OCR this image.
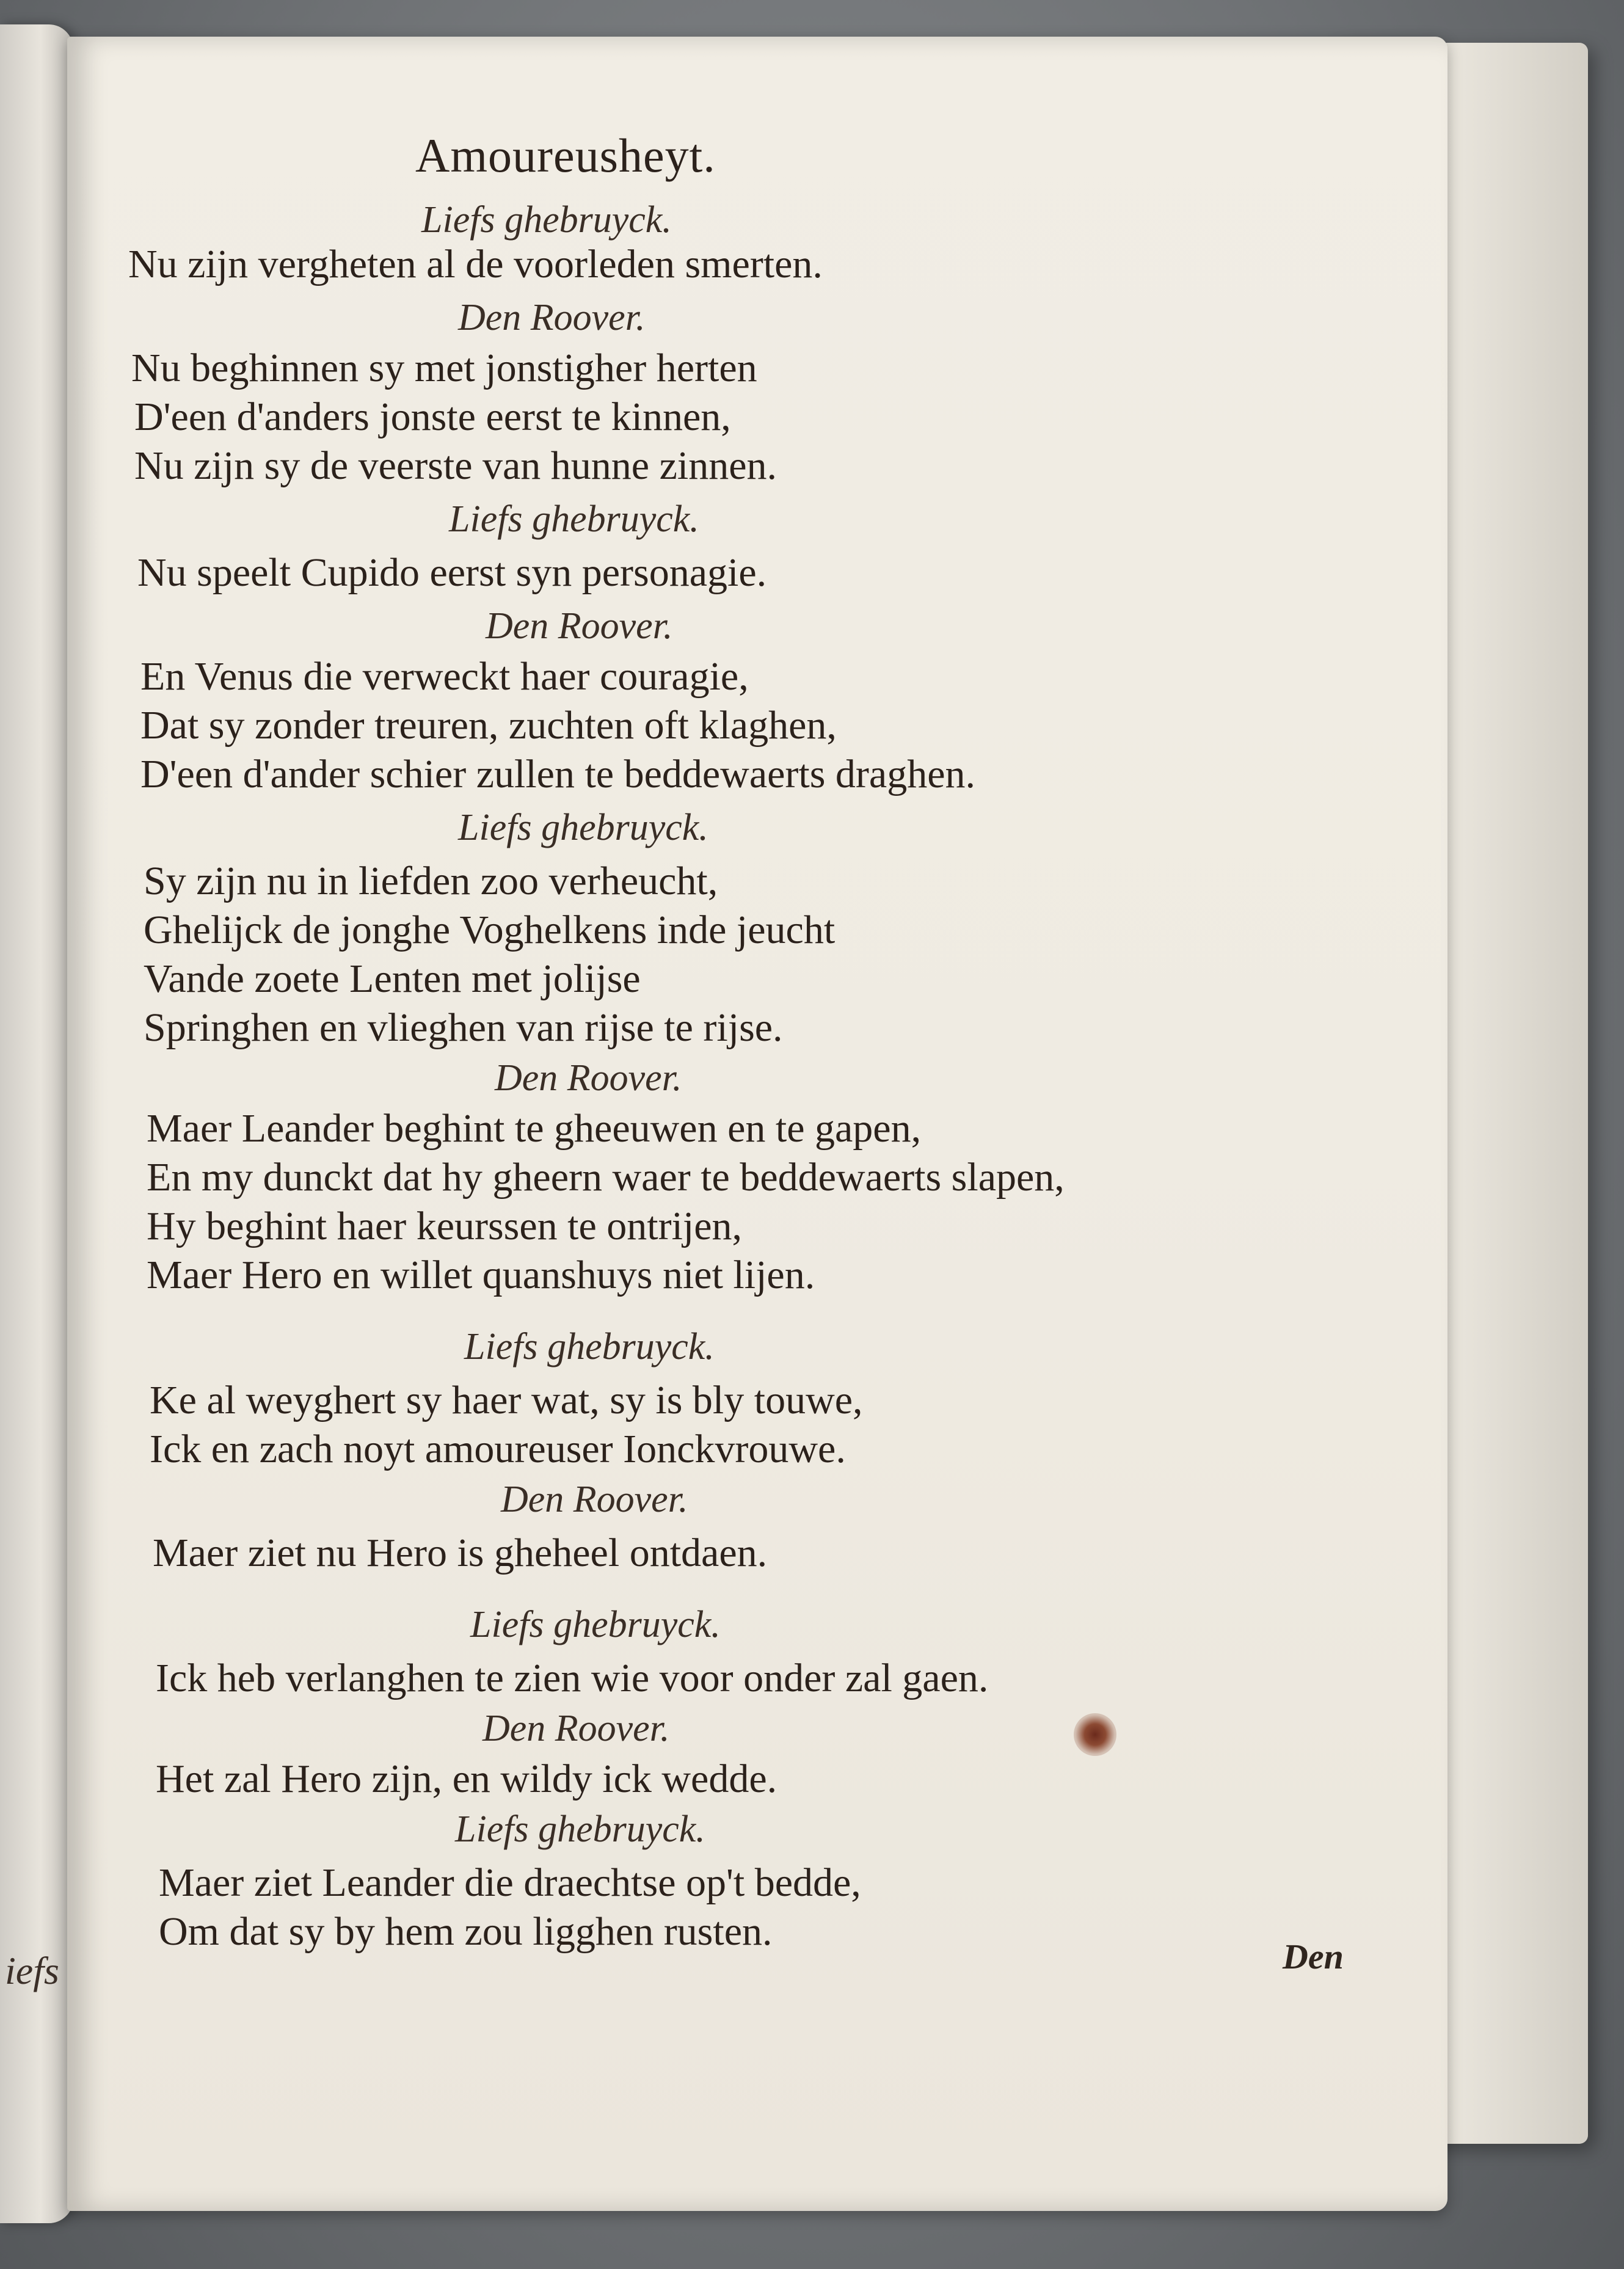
iefs
Amoureusheyt.
Liefs ghebruyck.
Nu zijn vergheten al de voorleden smerten.
Den Roover.
Nu beghinnen sy met jonstigher herten
D'een d'anders jonste eerst te kinnen,
Nu zijn sy de veerste van hunne zinnen.
Liefs ghebruyck.
Nu speelt Cupido eerst syn personagie.
Den Roover.
En Venus die verweckt haer couragie,
Dat sy zonder treuren, zuchten oft klaghen,
D'een d'ander schier zullen te beddewaerts draghen.
Liefs ghebruyck.
Sy zijn nu in liefden zoo verheucht,
Ghelijck de jonghe Voghelkens inde jeucht
Vande zoete Lenten met jolijse
Springhen en vlieghen van rijse te rijse.
Den Roover.
Maer Leander beghint te gheeuwen en te gapen,
En my dunckt dat hy gheern waer te beddewaerts slapen,
Hy beghint haer keurssen te ontrijen,
Maer Hero en willet quanshuys niet lijen.
Liefs ghebruyck.
Ke al weyghert sy haer wat, sy is bly touwe,
Ick en zach noyt amoureuser Ionckvrouwe.
Den Roover.
Maer ziet nu Hero is gheheel ontdaen.
Liefs ghebruyck.
Ick heb verlanghen te zien wie voor onder zal gaen.
Den Roover.
Het zal Hero zijn, en wildy ick wedde.
Liefs ghebruyck.
Maer ziet Leander die draechtse op't bedde,
Om dat sy by hem zou ligghen rusten.
Den
